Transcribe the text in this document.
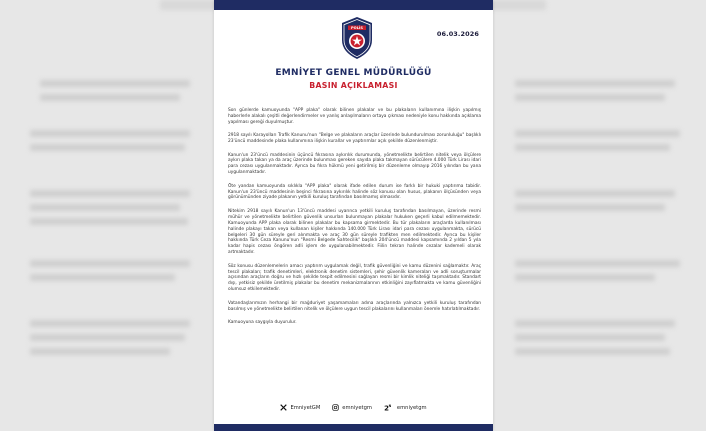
POLİS
06.03.2026
EMNİYET GENEL MÜDÜRLÜĞÜ
BASIN AÇIKLAMASI

Son günlerde kamuoyunda "APP plaka" olarak bilinen plakalar ve bu plakaların kullanımına ilişkin yapılmış haberlerle alakalı çeşitli değerlendirmeler ve yanlış anlaşılmaların ortaya çıkması nedeniyle konu hakkında açıklama yapılması gereği duyulmuştur.

2918 sayılı Karayolları Trafik Kanunu'nun "Belge ve plakaların araçlar üzerinde bulundurulması zorunluluğu" başlıklı 23'üncü maddesinde plaka kullanımına ilişkin kurallar ve yaptırımlar açık şekilde düzenlenmiştir.

Kanun'un 23'üncü maddesinin üçüncü fıkrasına aykırılık durumunda, yönetmelikte belirtilen nitelik veya ölçülere aykırı plaka takan ya da araç üzerinde bulunması gereken sayıda plaka takmayan sürücülere 4.000 Türk Lirası idari para cezası uygulanmaktadır. Ayrıca bu fıkra hükmü yeni getirilmiş bir düzenleme olmayıp 2016 yılından bu yana uygulanmaktadır.

Öte yandan kamuoyunda sıklıkla "APP plaka" olarak ifade edilen durum ise farklı bir hukuki yaptırıma tabidir. Kanun'un 23'üncü maddesinin beşinci fıkrasına aykırılık halinde söz konusu olan husus, plakanın ölçüsünden veya görünümünden ziyade plakanın yetkili kuruluş tarafından basılmamış olmasıdır.

Nitekim 2918 sayılı Kanun'un 13'üncü maddesi uyarınca yetkili kuruluş tarafından basılmayan, üzerinde resmi mühür ve yönetmelikte belirtilen güvenlik unsurları bulunmayan plakalar hukuken geçerli kabul edilmemektedir. Kamuoyunda APP plaka olarak bilinen plakalar bu kapsama girmektedir. Bu tür plakaların araçlarda kullanılması halinde plakayı takan veya kullanan kişiler hakkında 140.000 Türk Lirası idari para cezası uygulanmakta, sürücü belgeleri 30 gün süreyle geri alınmakta ve araç 30 gün süreyle trafikten men edilmektedir. Ayrıca bu kişiler hakkında Türk Ceza Kanunu'nun "Resmi Belgede Sahtecilik" başlıklı 204'üncü maddesi kapsamında 2 yıldan 5 yıla kadar hapis cezası öngören adli işlem de uygulanabilmektedir. Fiilin tekrarı halinde cezalar kademeli olarak artmaktadır.

Söz konusu düzenlemelerin amacı yaptırım uygulamak değil, trafik güvenliğini ve kamu düzenini sağlamaktır. Araç tescil plakaları; trafik denetimleri, elektronik denetim sistemleri, şehir güvenlik kameraları ve adli soruşturmalar açısından araçların doğru ve hızlı şekilde tespit edilmesini sağlayan resmi bir kimlik niteliği taşımaktadır. Standart dışı, yetkisiz şekilde üretilmiş plakalar bu denetim mekanizmalarının etkinliğini zayıflatmakta ve kamu güvenliğini olumsuz etkilemektedir.

Vatandaşlarımızın herhangi bir mağduriyet yaşamamaları adına araçlarında yalnızca yetkili kuruluş tarafından basılmış ve yönetmelikte belirtilen nitelik ve ölçülere uygun tescil plakalarını kullanmaları önemle hatırlatılmaktadır.

Kamuoyuna saygıyla duyurulur.

EmniyetGM	emniyetgm 2 N emniyetgm
